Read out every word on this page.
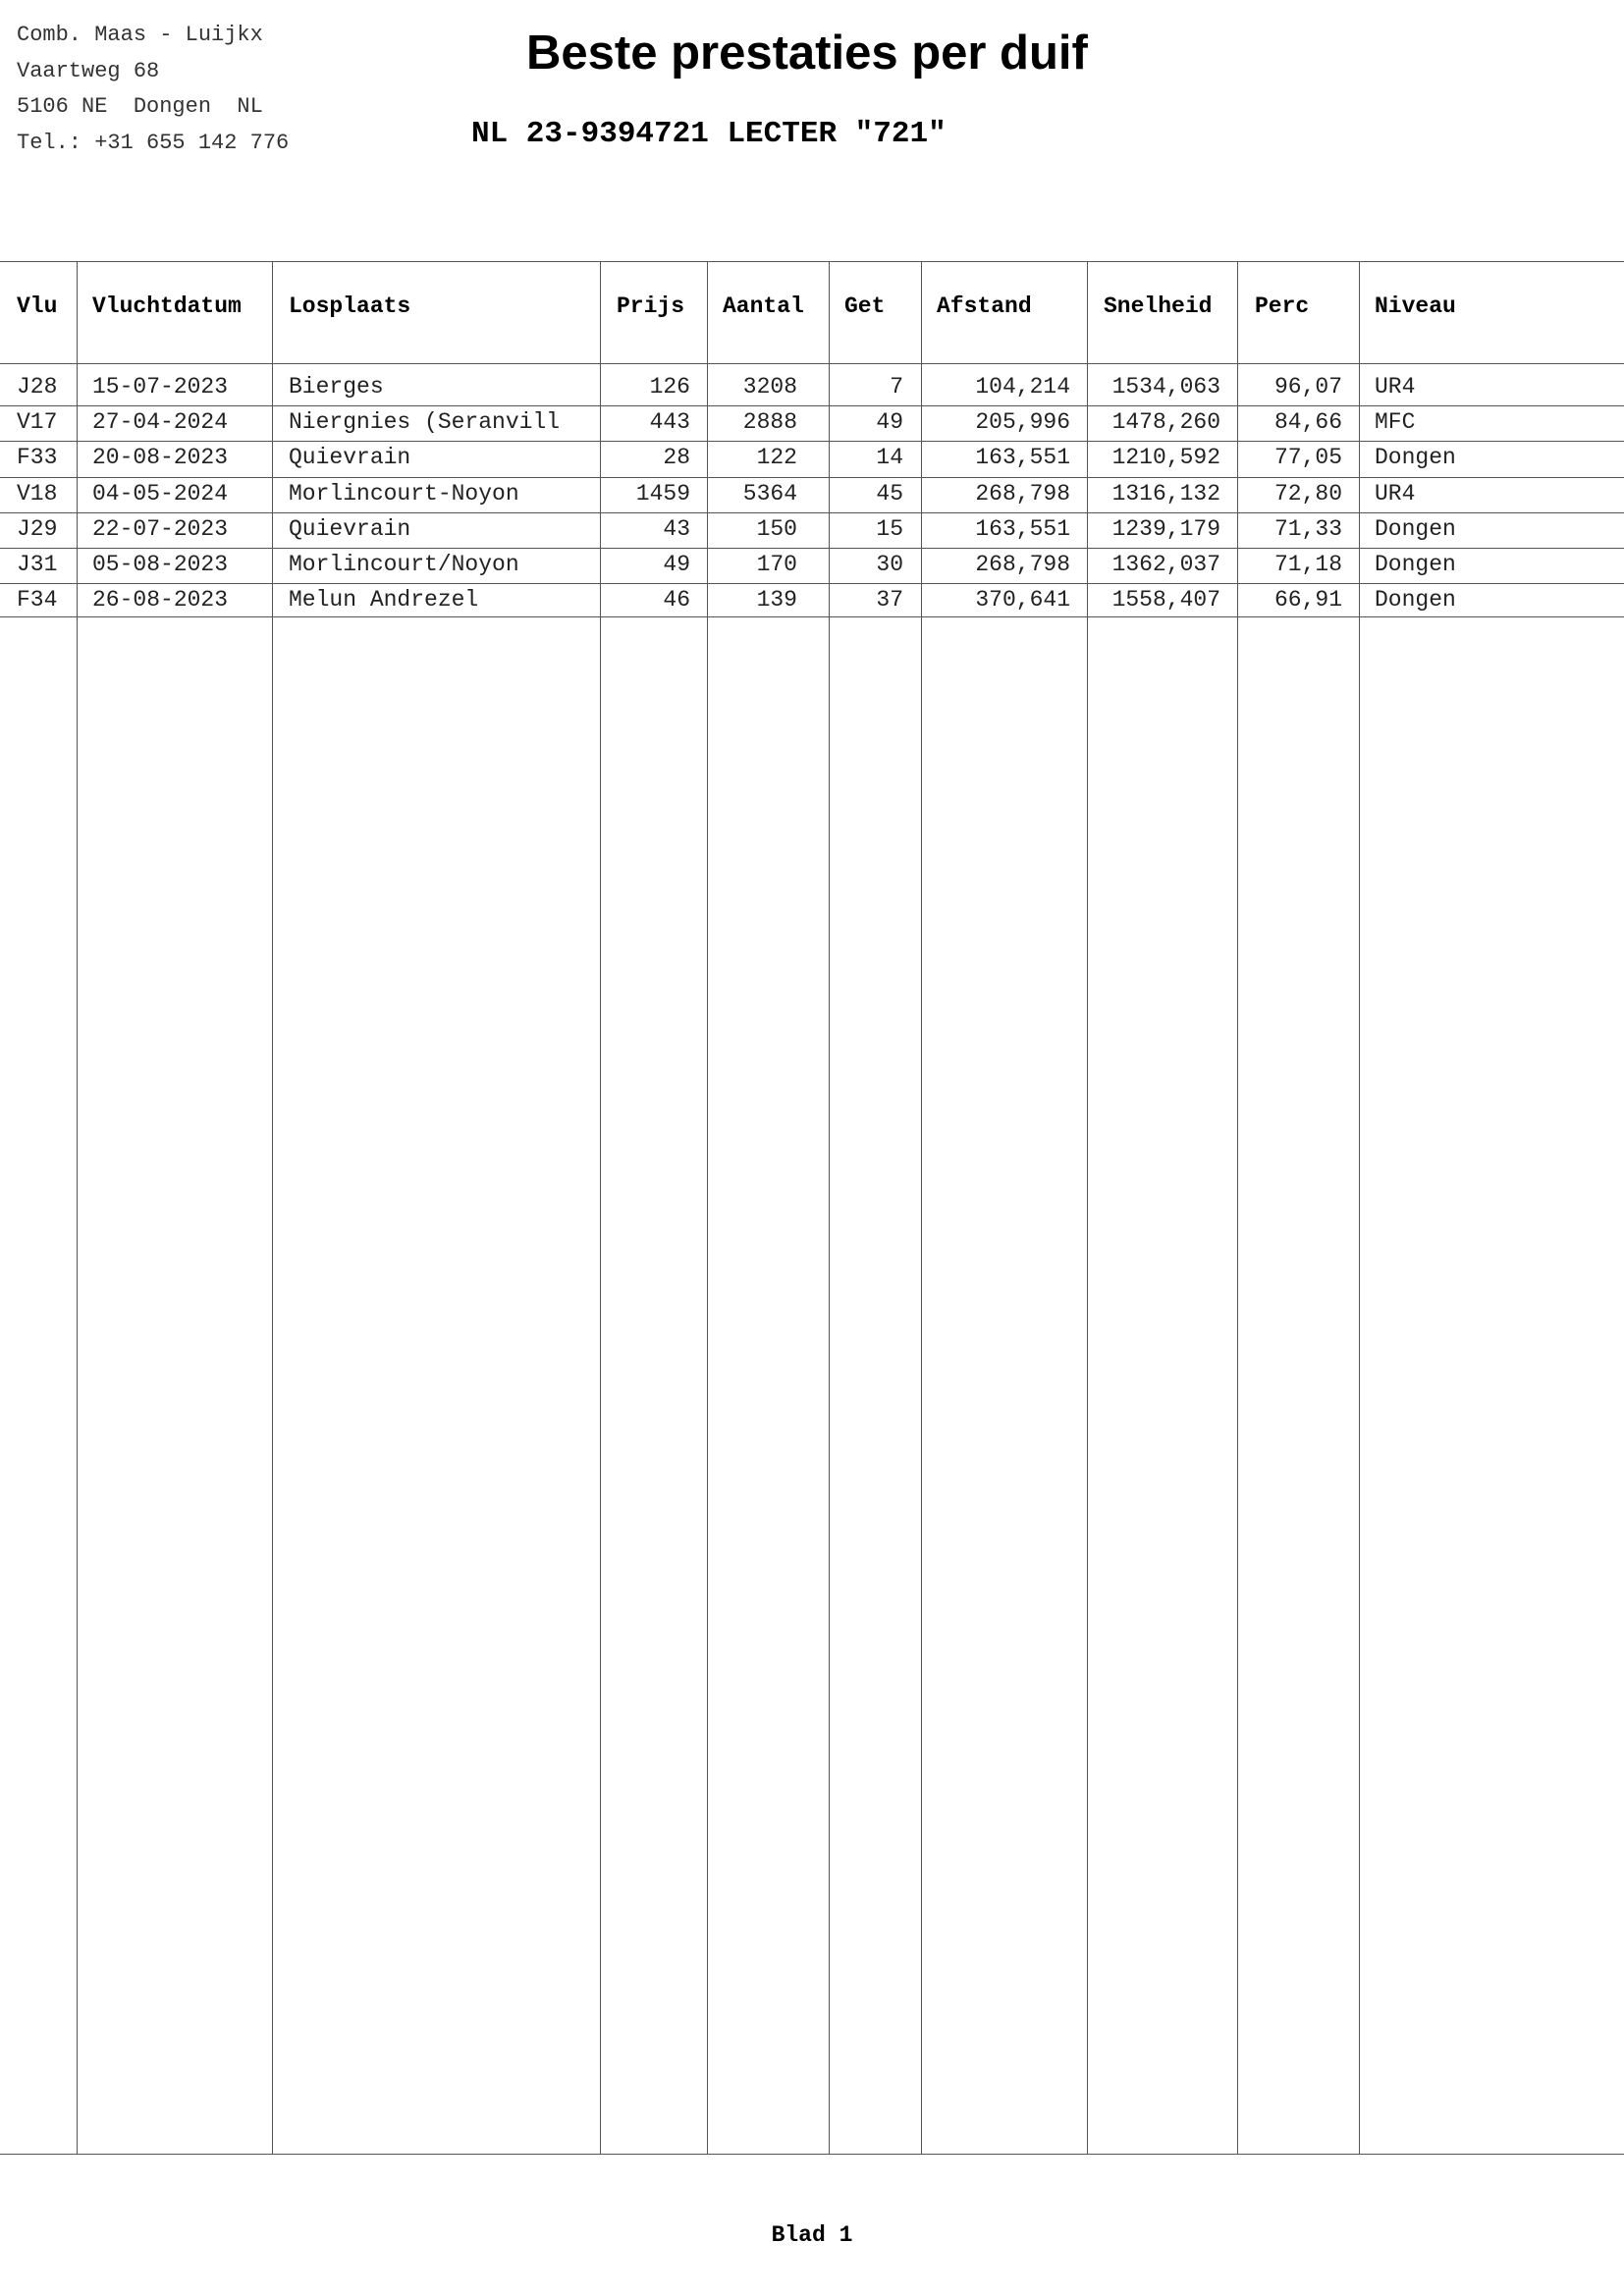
Comb. Maas - Luijkx
Vaartweg 68
5106 NE  Dongen  NL
Tel.: +31 655 142 776
Beste prestaties per duif
NL 23-9394721 LECTER "721"
Vlu Vluchtdatum Losplaats	Prijs Aantal Get Afstand	Snelheid Perc	Niveau
J28 15-07-2023	Bierges	126 3208	7	104,214 1534,063 96,07 UR4
V17 27-04-2024	Niergnies (Seranvill	443 2888	49	205,996 1478,260 84,66 MFC
F33 20-08-2023	Quievrain	28	122	14	163,551 1210,592 77,05 Dongen
V18 04-05-2024	Morlincourt-Noyon	1459 5364	45	268,798 1316,132 72,80 UR4
J29 22-07-2023	Quievrain	43	150	15	163,551 1239,179 71,33 Dongen
J31 05-08-2023	Morlincourt/Noyon	49	170	30	268,798 1362,037 71,18 Dongen
F34 26-08-2023	Melun Andrezel	46	139	37	370,641 1558,407 66,91 Dongen
Blad 1
